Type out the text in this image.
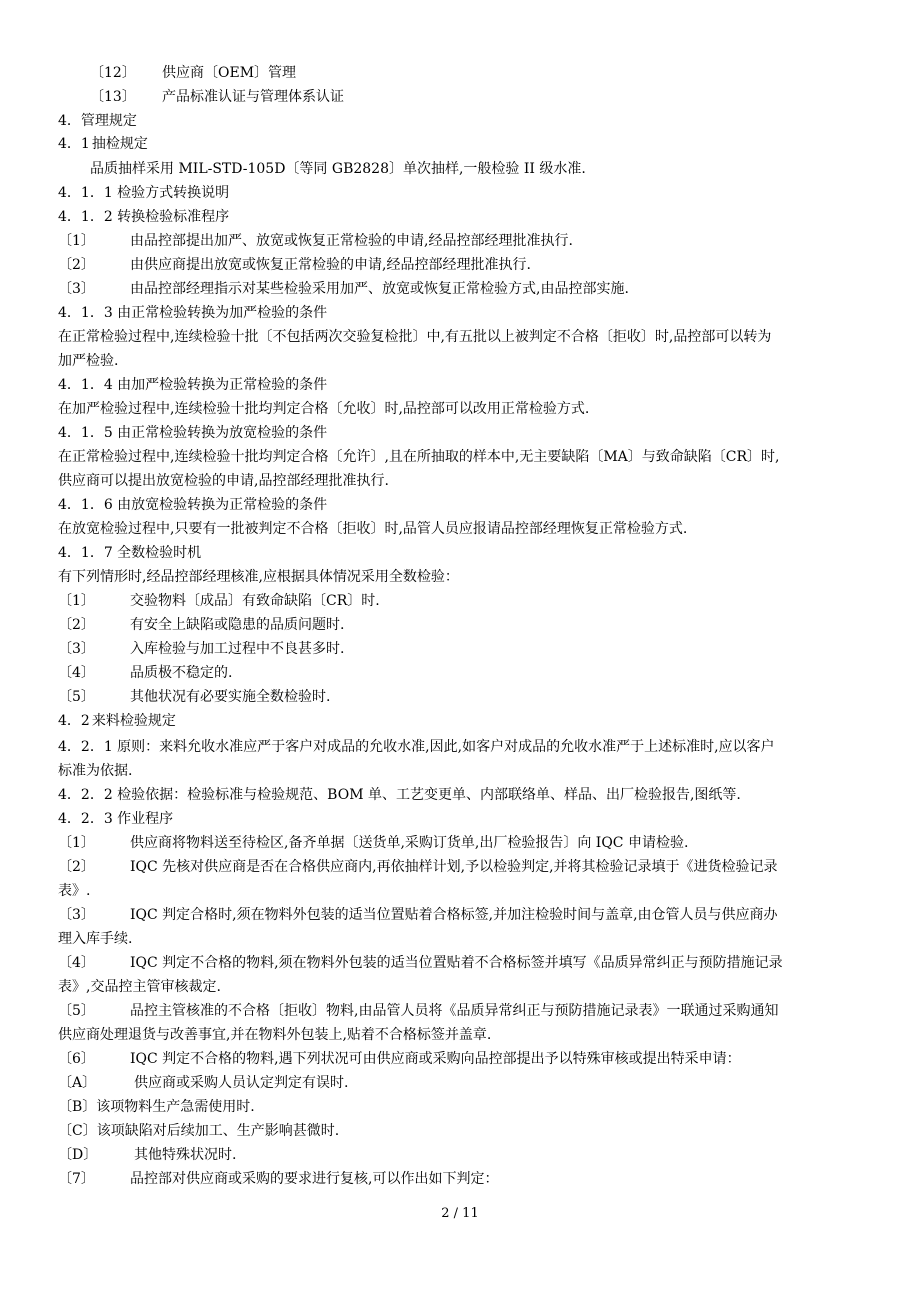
〔12〕 供应商〔OEM〕管理
〔13〕 产品标准认证与管理体系认证
4．管理规定
4．1 抽检规定
品质抽样采用 MIL-STD-105D〔等同 GB2828〕单次抽样,一般检验 II 级水准.
4．1．1 检验方式转换说明
4．1．2 转换检验标准程序
〔1〕	由品控部提出加严、放宽或恢复正常检验的申请,经品控部经理批准执行.
〔2〕	由供应商提出放宽或恢复正常检验的申请,经品控部经理批准执行.
〔3〕	由品控部经理指示对某些检验采用加严、放宽或恢复正常检验方式,由品控部实施.
4．1．3 由正常检验转换为加严检验的条件
在正常检验过程中,连续检验十批〔不包括两次交验复检批〕中,有五批以上被判定不合格〔拒收〕时,品控部可以转为
加严检验.
4．1．4 由加严检验转换为正常检验的条件
在加严检验过程中,连续检验十批均判定合格〔允收〕时,品控部可以改用正常检验方式.
4．1．5 由正常检验转换为放宽检验的条件
在正常检验过程中,连续检验十批均判定合格〔允许〕,且在所抽取的样本中,无主要缺陷〔MA〕与致命缺陷〔CR〕时,
供应商可以提出放宽检验的申请,品控部经理批准执行.
4．1．6 由放宽检验转换为正常检验的条件
在放宽检验过程中,只要有一批被判定不合格〔拒收〕时,品管人员应报请品控部经理恢复正常检验方式.
4．1．7 全数检验时机
有下列情形时,经品控部经理核准,应根据具体情况采用全数检验：
〔1〕	交验物料〔成品〕有致命缺陷〔CR〕时.
〔2〕	有安全上缺陷或隐患的品质问题时.
〔3〕	入库检验与加工过程中不良甚多时.
〔4〕	品质极不稳定的.
〔5〕	其他状况有必要实施全数检验时.
4．2 来料检验规定
4．2．1 原则：来料允收水准应严于客户对成品的允收水准,因此,如客户对成品的允收水准严于上述标准时,应以客户
标准为依据.
4．2．2 检验依据：检验标准与检验规范、BOM 单、工艺变更单、内部联络单、样品、出厂检验报告,图纸等.
4．2．3 作业程序
〔1〕	供应商将物料送至待检区,备齐单据〔送货单,采购订货单,出厂检验报告〕向 IQC 申请检验.
〔2〕	IQC 先核对供应商是否在合格供应商内,再依抽样计划,予以检验判定,并将其检验记录填于《进货检验记录
表》.
〔3〕	IQC 判定合格时,须在物料外包装的适当位置贴着合格标签,并加注检验时间与盖章,由仓管人员与供应商办
理入库手续.
〔4〕	IQC 判定不合格的物料,须在物料外包装的适当位置贴着不合格标签并填写《品质异常纠正与预防措施记录
表》,交品控主管审核裁定.
〔5〕	品控主管核准的不合格〔拒收〕物料,由品管人员将《品质异常纠正与预防措施记录表》一联通过采购通知
供应商处理退货与改善事宜,并在物料外包装上,贴着不合格标签并盖章.
〔6〕	IQC 判定不合格的物料,遇下列状况可由供应商或采购向品控部提出予以特殊审核或提出特采申请：
〔A〕	供应商或采购人员认定判定有误时.
〔B〕该项物料生产急需使用时.
〔C〕该项缺陷对后续加工、生产影响甚微时.
〔D〕	其他特殊状况时.
〔7〕	品控部对供应商或采购的要求进行复核,可以作出如下判定：
2 / 11
